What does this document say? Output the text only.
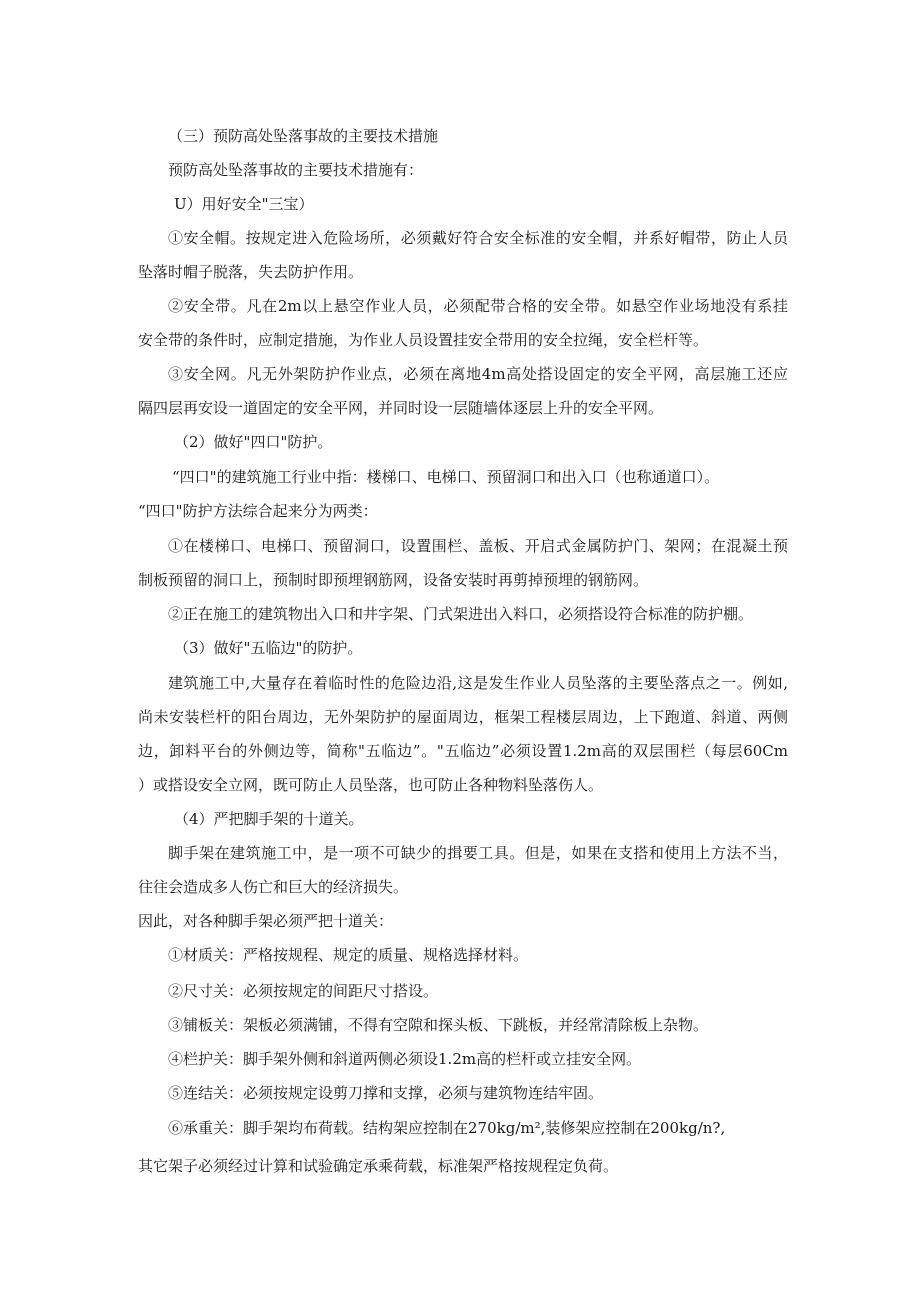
（三）预防高处坠落事故的主要技术措施
预防高处坠落事故的主要技术措施有：
U）用好安全"三宝）
①安全帽。按规定进入危险场所，必须戴好符合安全标准的安全帽，并系好帽带，防止人员
坠落时帽子脱落，失去防护作用。
②安全带。凡在2m以上悬空作业人员，必须配带合格的安全带。如悬空作业场地没有系挂
安全带的条件时，应制定措施，为作业人员设置挂安全带用的安全拉绳，安全栏杆等。
③安全网。凡无外架防护作业点，必须在离地4m高处搭设固定的安全平网，高层施工还应
隔四层再安设一道固定的安全平网，并同时设一层随墙体逐层上升的安全平网。
（2）做好"四口"防护。
“四口"的建筑施工行业中指：楼梯口、电梯口、预留洞口和出入口（也称通道口）。
“四口"防护方法综合起来分为两类：
①在楼梯口、电梯口、预留洞口，设置围栏、盖板、开启式金属防护门、架网；在混凝土预
制板预留的洞口上，预制时即预埋钢筋网，设备安装时再剪掉预埋的钢筋网。
②正在施工的建筑物出入口和井字架、门式架进出入料口，必须搭设符合标准的防护棚。
（3）做好"五临边"的防护。
建筑施工中,大量存在着临时性的危险边沿,这是发生作业人员坠落的主要坠落点之一。例如,
尚未安装栏杆的阳台周边，无外架防护的屋面周边，框架工程楼层周边，上下跑道、斜道、两侧
边，卸料平台的外侧边等，简称"五临边”。"五临边”必须设置1.2m高的双层围栏（每层60Cm
）或搭设安全立网，既可防止人员坠落，也可防止各种物料坠落伤人。
（4）严把脚手架的十道关。
脚手架在建筑施工中，是一项不可缺少的揖要工具。但是，如果在支搭和使用上方法不当，
往往会造成多人伤亡和巨大的经济损失。
因此，对各种脚手架必须严把十道关：
①材质关：严格按规程、规定的质量、规格选择材料。
②尺寸关：必须按规定的间距尺寸搭设。
③铺板关：架板必须满铺，不得有空隙和探头板、下跳板，并经常清除板上杂物。
④栏护关：脚手架外侧和斜道两侧必须设1.2m高的栏杆或立挂安全网。
⑤连结关：必须按规定设剪刀撑和支撑，必须与建筑物连结牢固。
⑥承重关：脚手架均布荷载。结构架应控制在270kg∕m²,装修架应控制在200kg/n?,
其它架子必须经过计算和试验确定承乘荷载，标准架严格按规程定负荷。
